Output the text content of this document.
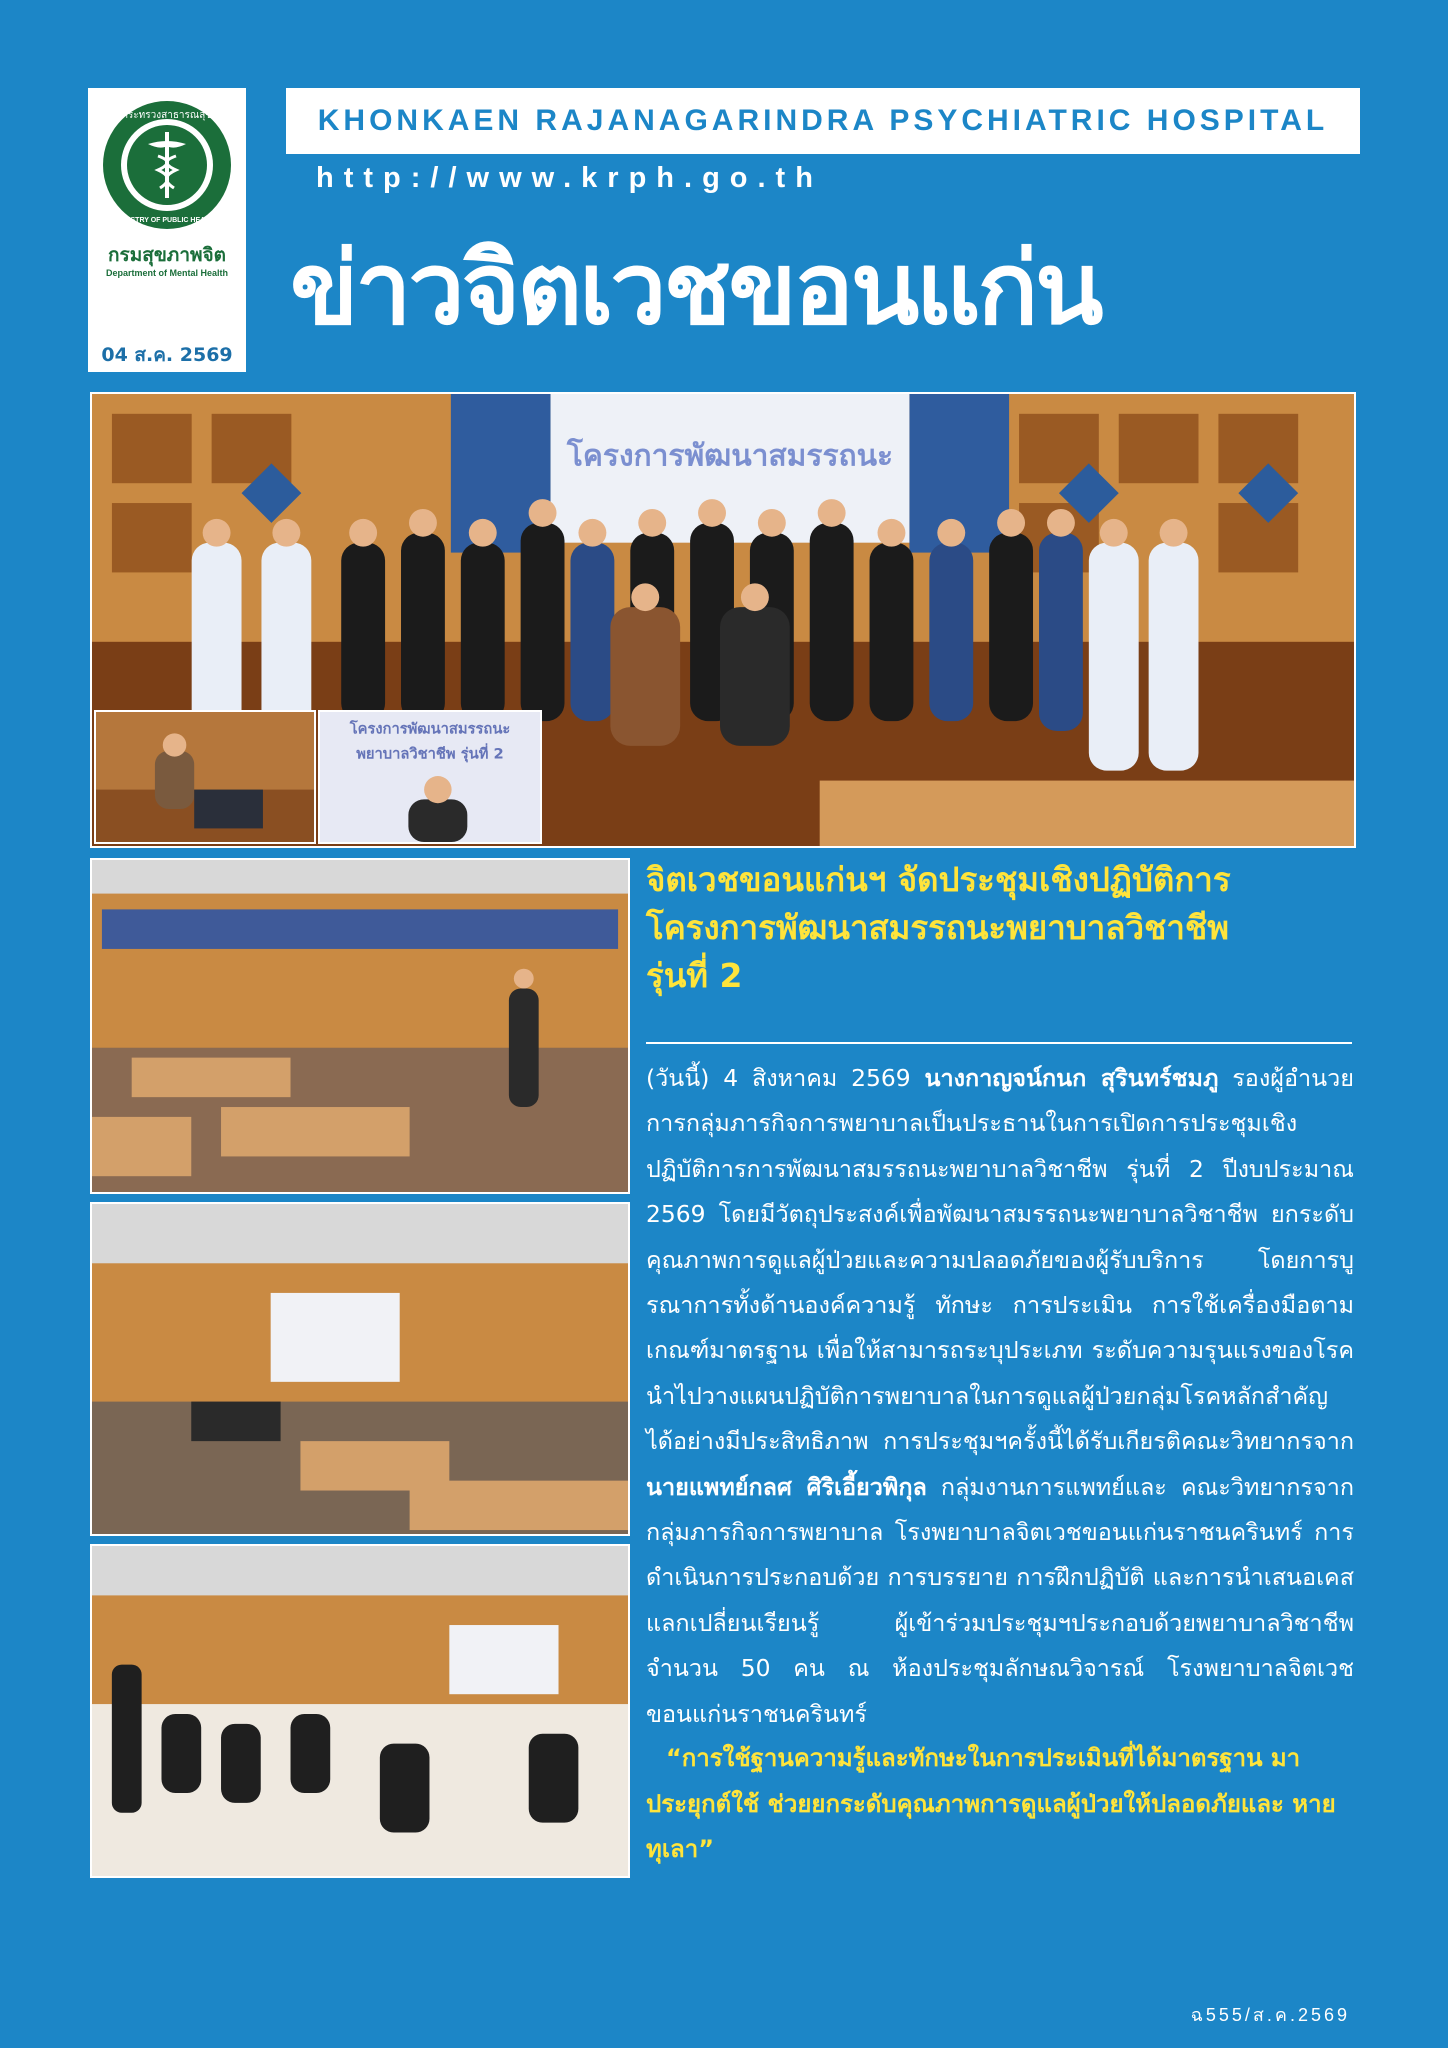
กระทรวงสาธารณสุข
MINISTRY OF PUBLIC HEALTH
กรมสุขภาพจิต
Department of Mental Health
04 ส.ค. 2569
KHONKAEN RAJANAGARINDRA PSYCHIATRIC HOSPITAL
http://www.krph.go.th
ข่าวจิตเวชขอนแก่น
โครงการพัฒนาสมรรถนะ
โครงการพัฒนาสมรรถนะ
พยาบาลวิชาชีพ รุ่นที่ 2
จิตเวชขอนแก่นฯ จัดประชุมเชิงปฏิบัติการ
โครงการพัฒนาสมรรถนะพยาบาลวิชาชีพ
รุ่นที่ 2
(วันนี้) 4 สิงหาคม 2569 นางกาญจน์กนก สุรินทร์ชมภู รองผู้อำนวยการกลุ่มภารกิจการพยาบาลเป็นประธานในการเปิดการประชุมเชิงปฏิบัติการการพัฒนาสมรรถนะพยาบาลวิชาชีพ รุ่นที่ 2 ปีงบประมาณ 2569 โดยมีวัตถุประสงค์เพื่อพัฒนาสมรรถนะพยาบาลวิชาชีพ ยกระดับคุณภาพการดูแลผู้ป่วยและความปลอดภัยของผู้รับบริการ โดยการบูรณาการทั้งด้านองค์ความรู้ ทักษะ การประเมิน การใช้เครื่องมือตามเกณฑ์มาตรฐาน เพื่อให้สามารถระบุประเภท ระดับความรุนแรงของโรคนำไปวางแผนปฏิบัติการพยาบาลในการดูแลผู้ป่วยกลุ่มโรคหลักสำคัญ ได้อย่างมีประสิทธิภาพ การประชุมฯครั้งนี้ได้รับเกียรติคณะวิทยากรจากนายแพทย์กลศ ศิริเอี้ยวพิกุล กลุ่มงานการแพทย์และ คณะวิทยากรจากกลุ่มภารกิจการพยาบาล โรงพยาบาลจิตเวชขอนแก่นราชนครินทร์ การดำเนินการประกอบด้วย การบรรยาย การฝึกปฏิบัติ และการนำเสนอเคสแลกเปลี่ยนเรียนรู้ ผู้เข้าร่วมประชุมฯประกอบด้วยพยาบาลวิชาชีพ จำนวน 50 คน ณ ห้องประชุมลักษณวิจารณ์ โรงพยาบาลจิตเวชขอนแก่นราชนครินทร์
“การใช้ฐานความรู้และทักษะในการประเมินที่ได้มาตรฐาน มาประยุกต์ใช้ ช่วยยกระดับคุณภาพการดูแลผู้ป่วยให้ปลอดภัยและ หายทุเลา”
ฉ555/ส.ค.2569
